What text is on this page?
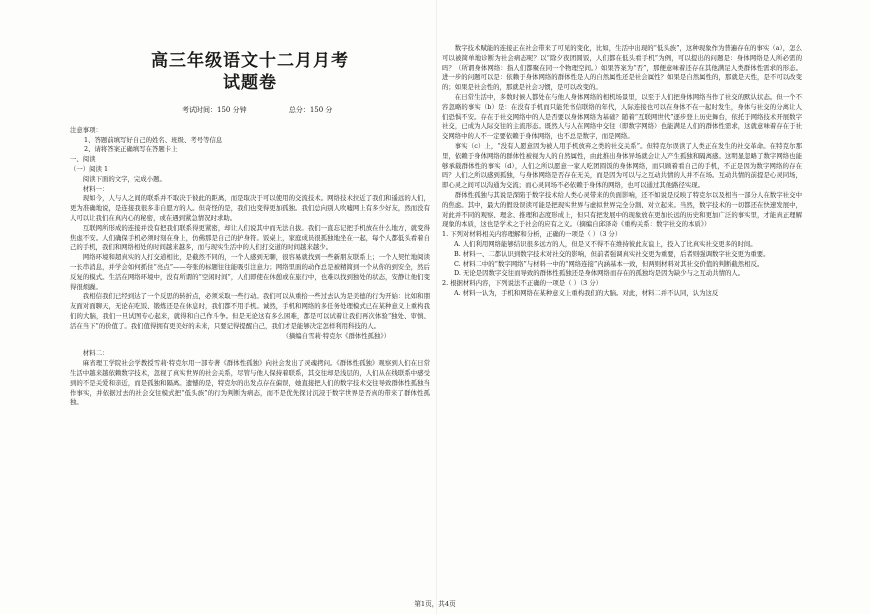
高三年级语文十二月月考
试题卷
考试时间：150 分钟	总分：150 分
注意事项：
1、答题前填写好自己的姓名、班级、考号等信息
2、请将答案正确填写在答题卡上
一、阅读
（一）阅读 1

阅读下面的文字，完成小题。

材料一：

现如今，人与人之间的联系并不取决于彼此的距离，而是取决于可以使用的交流技术。网络技术拉近了我们和遥远的人们，更为准确地说，是连接我很多非自愿方的人。但奇怪的是，我们也变得更加孤独。我们总向别人吹嘘网上有多少好友，然而没有人可以让我们在真内心的秘密，或在遇到紧急情况时求助。

互联网所形成的连接并没有把我们联系得更紧密，却让人们说其中而无法自拔。我们一直忘记把手机放在什么地方，就变得焦虑不安。人们确保手机必须时刻在身上，仿佛那是自己的护身符。饭桌上，家庭成员很孤独地坐在一起，每个人都低头看着自己的手机，我们和网络相处的时间越来越多，而与现实生活中的人们打交道的时间越来越少。

网络环境和超真实的人打交道相比，是截然不同的，一个人感到无聊，很容易就找到一些新朋友联系上；一个人契忙地阅读一长串消息，并学会如何抓住“亮点”——夸张的标题往往能吸引注意力；网络里面的动作总是被精简到一个从你的到安全，然后反复的模式。生活在网络环境中，没有所谓的“空闲时间”，人们即使在休憩或在旅行中，也难以找到独处的状态，安静让他们变得很烦躁。

我相信我们已经到达了一个反思的转折点，必须采取一些行动。我们可以从重拾一些过去认为是美德的行为开始：比如和朋友面对面聊天，无论在吃饭、锻炼还是在休息时，我们都不用手机。诚然，手机和网络的多任务处理模式已在某种意义上重构我们的大脑，我们一旦试图专心起来，就得和自己作斗争。但是无论这有多么困难，都是可以试着让我们再次体验“独处、审慎、活在当下”的价值了。我们值得拥有更美好的未来，只要记得提醒自己，我们才是能够决定怎样利用科技的人。

（摘编自雪莉·特克尔《群体性孤独》）

材料二：

麻省理工学院社会学教授雪莉·特克尔用一部专著《群体性孤独》向社会发出了灵魂拷问。《群体性孤独》观察到人们在日常生活中越来越依赖数字技术，忽视了真实世界的社会关系，尽管与他人保持着联系，其交往却是浅层的，人们从在线联系中感受到的不是关爱和亲近，而是孤独和隔离。遗憾的是，特克尔的出发点存在偏误，她直接把人们的数字技术交往导致群体性孤独当作事实，并依据过去的社会交往模式把“低头族”的行为判断为病态，而不是优先探讨沉浸于数字世界是否真的带来了群体性孤独。

数字技术赋能的连接正在社会带来了可见的变化，比如，生活中出现的“低头族”，这种现象作为普遍存在的事实（a），怎么可以被简单地诊断为社会病态呢？以“除夕夜团圆饭，人们都在低头看手机”为例，可以提出的问题是：身体网络是人所必需的吗？（所谓身体网络：指人们都聚在同一个物理空间。）如果答案为“否”，那便意味着还存在其他满足人类群体性需求的形态。进一步的问题可以是：依赖于身体网络的群体性是人的自然属性还是社会属性？如果是自然属性的，那就是天性，是不可以改变的；如果是社会性的，那就是社会习惯，是可以改变的。

在日常生活中，多数时候人都处在与他人身体网络的相机场景里，以至于人们把身体网络当作了社交的默认状态。但一个不容忽略的事实（b）是：在没有手机而只能凭书信联络的年代，人际连接也可以在身体不在一起时发生，身体与社交的分离让人们恐惧不安。存在于社交网络中的人是否要以身体网络为基础？随着“互联网世代”逐步登上历史舞台，依托于网络技术开展数字社交，已成为人际交往的主流形态。既然人与人在网络中交往（即数字网络）也能满足人们的群体性需求，这就意味着存在于社交网络中的人不一定要依赖于身体网络，也不总是数字，而是网络。

事实（c）上，“没有人愿意因为被人用手机放弃之类的社交关系”。但特克尔误读了人类正在发生的社交革命。在特克尔那里，依赖于身体网络的群体性被视为人的自然属性，由此推出身体异场就会让人产生孤独和隔离感。这明显忽略了数字网络也能够承载群体性的事实（d），人们之所以愿意一家人吃团圆饭的身体网络，而只顾着看自己的手机，不正是因为数字网络的存在吗？人们之所以感到孤独，与身体网络是否存在无关，而是因为可以与之互动共情的人并不在场。互动共情的前提是心灵同场，即心灵之间可以沟通为交流；而心灵同场不必依赖于身体的网络，也可以通过其他路径实现。

群体性孤独与其说是深陷于数字技术给人类心灵带来的负面影响，还不如说是反映了特克尔以及相当一部分人在数字社交中的焦虑。其中，最大的假设误读可能是把现实世界与虚拟世界完全分割、对立起来。当然，数字技术的一切都还在快速发展中，对此并不同的观察、理念、推理和态度形成上，但只有把发展中的现象放在更加长远的历史和更加广泛的事实里，才能真正理解现象的本质，这也是学术之于社会的应有之义。（摘编自邱泽奇《重构关系：数字社交的本质》）

1. 下列对材料相关内容理解和分析，正确的一项是（ ）（3 分）

A. 人们利用网络能够结识很多远方的人，但是又不得不在维持彼此友谊上，投入了比真实社交更多的时间。

B. 材料一、二都认识到数字技术对社交的影响，但前者强调真实社交更为重要，后者则强调数字社交更为重要。

C. 材料二中的“数字网络”与材料一中的“网络连接”内涵基本一致，但两则材料对其社交价值的判断截然相反。

D. 无论是因数字交往而导致的群体性孤独还是身体网络而存在的孤独均是因为缺少与之互动共情的人。

2. 根据材料内容，下列说法不正确的一项是（ ）（3 分）

A. 材料一认为，手机和网络在某种意义上重构我们的大脑。对此，材料二并不认同，认为这反

第1页，共4页
